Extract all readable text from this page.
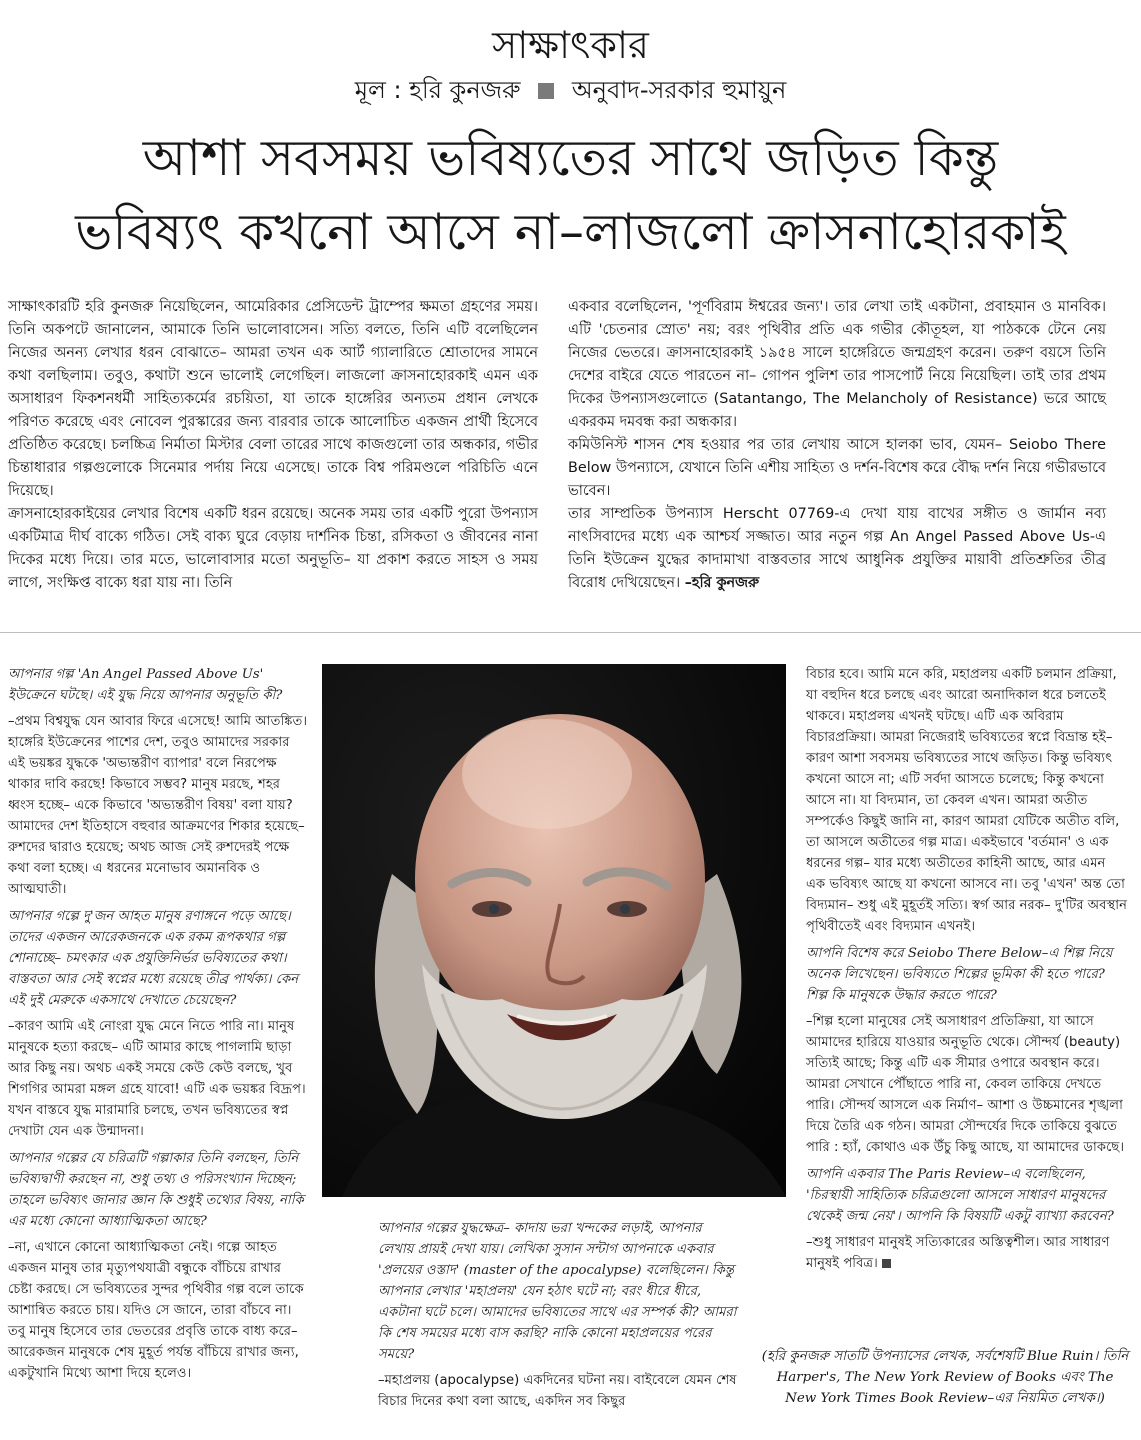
সাক্ষাৎকার
মূল : হরি কুনজরু অনুবাদ-সরকার হুমায়ুন
আশা সবসময় ভবিষ্যতের সাথে জড়িত কিন্তু
ভবিষ্যৎ কখনো আসে না–লাজলো ক্রাসনাহোরকাই

সাক্ষাৎকারটি হরি কুনজরু নিয়েছিলেন, আমেরিকার প্রেসিডেন্ট ট্রাম্পের ক্ষমতা গ্রহণের সময়। তিনি অকপটে জানালেন, আমাকে তিনি ভালোবাসেন। সত্যি বলতে, তিনি এটি বলেছিলেন নিজের অনন্য লেখার ধরন বোঝাতে– আমরা তখন এক আর্ট গ্যালারিতে শ্রোতাদের সামনে কথা বলছিলাম। তবুও, কথাটা শুনে ভালোই লেগেছিল। লাজলো ক্রাসনাহোরকাই এমন এক অসাধারণ ফিকশনধর্মী সাহিত্যকর্মের রচয়িতা, যা তাকে হাঙ্গেরির অন্যতম প্রধান লেখকে পরিণত করেছে এবং নোবেল পুরস্কারের জন্য বারবার তাকে আলোচিত একজন প্রার্থী হিসেবে প্রতিষ্ঠিত করেছে। চলচ্চিত্র নির্মাতা মিস্টার বেলা তারের সাথে কাজগুলো তার অন্ধকার, গভীর চিন্তাধারার গল্পগুলোকে সিনেমার পর্দায় নিয়ে এসেছে। তাকে বিশ্ব পরিমণ্ডলে পরিচিতি এনে দিয়েছে।

ক্রাসনাহোরকাইয়ের লেখার বিশেষ একটি ধরন রয়েছে। অনেক সময় তার একটি পুরো উপন্যাস একটিমাত্র দীর্ঘ বাক্যে গঠিত। সেই বাক্য ঘুরে বেড়ায় দার্শনিক চিন্তা, রসিকতা ও জীবনের নানা দিকের মধ্যে দিয়ে। তার মতে, ভালোবাসার মতো অনুভূতি– যা প্রকাশ করতে সাহস ও সময় লাগে, সংক্ষিপ্ত বাক্যে ধরা যায় না। তিনি

একবার বলেছিলেন, 'পূর্ণবিরাম ঈশ্বরের জন্য'। তার লেখা তাই একটানা, প্রবাহমান ও মানবিক। এটি 'চেতনার স্রোত' নয়; বরং পৃথিবীর প্রতি এক গভীর কৌতূহল, যা পাঠককে টেনে নেয় নিজের ভেতরে। ক্রাসনাহোরকাই ১৯৫৪ সালে হাঙ্গেরিতে জন্মগ্রহণ করেন। তরুণ বয়সে তিনি দেশের বাইরে যেতে পারতেন না– গোপন পুলিশ তার পাসপোর্ট নিয়ে নিয়েছিল। তাই তার প্রথম দিকের উপন্যাসগুলোতে (Satantango, The Melancholy of Resistance) ভরে আছে একরকম দমবন্ধ করা অন্ধকার।

কমিউনিস্ট শাসন শেষ হওয়ার পর তার লেখায় আসে হালকা ভাব, যেমন– Seiobo There Below উপন্যাসে, যেখানে তিনি এশীয় সাহিত্য ও দর্শন-বিশেষ করে বৌদ্ধ দর্শন নিয়ে গভীরভাবে ভাবেন।

তার সাম্প্রতিক উপন্যাস Herscht 07769-এ দেখা যায় বাখের সঙ্গীত ও জার্মান নব্য নাৎসিবাদের মধ্যে এক আশ্চর্য সজ্জাত। আর নতুন গল্প An Angel Passed Above Us-এ তিনি ইউক্রেন যুদ্ধের কাদামাখা বাস্তবতার সাথে আধুনিক প্রযুক্তির মায়াবী প্রতিশ্রুতির তীব্র বিরোধ দেখিয়েছেন। –হরি কুনজরু

আপনার গল্প 'An Angel Passed Above Us' ইউক্রেনে ঘটছে। এই যুদ্ধ নিয়ে আপনার অনুভূতি কী?

–প্রথম বিশ্বযুদ্ধ যেন আবার ফিরে এসেছে! আমি আতঙ্কিত। হাঙ্গেরি ইউক্রেনের পাশের দেশ, তবুও আমাদের সরকার এই ভয়ঙ্কর যুদ্ধকে 'অভ্যন্তরীণ ব্যাপার' বলে নিরপেক্ষ থাকার দাবি করছে! কিভাবে সম্ভব? মানুষ মরছে, শহর ধ্বংস হচ্ছে– একে কিভাবে 'অভ্যন্তরীণ বিষয়' বলা যায়? আমাদের দেশ ইতিহাসে বহুবার আক্রমণের শিকার হয়েছে– রুশদের দ্বারাও হয়েছে; অথচ আজ সেই রুশদেরই পক্ষে কথা বলা হচ্ছে। এ ধরনের মনোভাব অমানবিক ও আত্মঘাতী।

আপনার গল্পে দু'জন আহত মানুষ রণাঙ্গনে পড়ে আছে। তাদের একজন আরেকজনকে এক রকম রূপকথার গল্প শোনাচ্ছে– চমৎকার এক প্রযুক্তিনির্ভর ভবিষ্যতের কথা। বাস্তবতা আর সেই স্বপ্নের মধ্যে রয়েছে তীব্র পার্থক্য। কেন এই দুই মেরুকে একসাথে দেখাতে চেয়েছেন?

–কারণ আমি এই নোংরা যুদ্ধ মেনে নিতে পারি না। মানুষ মানুষকে হত্যা করছে– এটি আমার কাছে পাগলামি ছাড়া আর কিছু নয়। অথচ একই সময়ে কেউ কেউ বলছে, খুব শিগগির আমরা মঙ্গল গ্রহে যাবো! এটি এক ভয়ঙ্কর বিদ্রূপ। যখন বাস্তবে যুদ্ধ মারামারি চলছে, তখন ভবিষ্যতের স্বপ্ন দেখাটা যেন এক উন্মাদনা।

আপনার গল্পের যে চরিত্রটি গল্পাকার তিনি বলছেন, তিনি ভবিষ্যদ্বাণী করছেন না, শুধু তথ্য ও পরিসংখ্যান দিচ্ছেন; তাহলে ভবিষ্যৎ জানার জ্ঞান কি শুধুই তথ্যের বিষয়, নাকি এর মধ্যে কোনো আধ্যাত্মিকতা আছে?

–না, এখানে কোনো আধ্যাত্মিকতা নেই। গল্পে আহত একজন মানুষ তার মৃত্যুপথযাত্রী বন্ধুকে বাঁচিয়ে রাখার চেষ্টা করছে। সে ভবিষ্যতের সুন্দর পৃথিবীর গল্প বলে তাকে আশান্বিত করতে চায়। যদিও সে জানে, তারা বাঁচবে না। তবু মানুষ হিসেবে তার ভেতরের প্রবৃত্তি তাকে বাধ্য করে– আরেকজন মানুষকে শেষ মুহূর্ত পর্যন্ত বাঁচিয়ে রাখার জন্য, একটুখানি মিথ্যে আশা দিয়ে হলেও।

আপনার গল্পের যুদ্ধক্ষেত্র– কাদায় ভরা খন্দকের লড়াই, আপনার লেখায় প্রায়ই দেখা যায়। লেখিকা সুসান সন্টাগ আপনাকে একবার 'প্রলয়ের ওস্তাদ' (master of the apocalypse) বলেছিলেন। কিন্তু আপনার লেখার 'মহাপ্রলয়' যেন হঠাৎ ঘটে না; বরং ধীরে ধীরে, একটানা ঘটে চলে। আমাদের ভবিষ্যতের সাথে এর সম্পর্ক কী? আমরা কি শেষ সময়ের মধ্যে বাস করছি? নাকি কোনো মহাপ্রলয়ের পরের সময়ে?

–মহাপ্রলয় (apocalypse) একদিনের ঘটনা নয়। বাইবেলে যেমন শেষ বিচার দিনের কথা বলা আছে, একদিন সব কিছুর

বিচার হবে। আমি মনে করি, মহাপ্রলয় একটি চলমান প্রক্রিয়া, যা বহুদিন ধরে চলছে এবং আরো অনাদিকাল ধরে চলতেই থাকবে। মহাপ্রলয় এখনই ঘটছে। এটি এক অবিরাম বিচারপ্রক্রিয়া। আমরা নিজেরাই ভবিষ্যতের স্বপ্নে বিভ্রান্ত হই– কারণ আশা সবসময় ভবিষ্যতের সাথে জড়িত। কিন্তু ভবিষ্যৎ কখনো আসে না; এটি সর্বদা আসতে চলেছে; কিন্তু কখনো আসে না। যা বিদ্যমান, তা কেবল এখন। আমরা অতীত সম্পর্কেও কিছুই জানি না, কারণ আমরা যেটিকে অতীত বলি, তা আসলে অতীতের গল্প মাত্র। একইভাবে 'বর্তমান' ও এক ধরনের গল্প– যার মধ্যে অতীতের কাহিনী আছে, আর এমন এক ভবিষ্যৎ আছে যা কখনো আসবে না। তবু 'এখন' অন্ত তো বিদ্যমান– শুধু এই মুহূর্তই সত্যি। স্বর্গ আর নরক– দু'টির অবস্থান পৃথিবীতেই এবং বিদ্যমান এখনই।

আপনি বিশেষ করে Seiobo There Below–এ শিল্প নিয়ে অনেক লিখেছেন। ভবিষ্যতে শিল্পের ভূমিকা কী হতে পারে? শিল্প কি মানুষকে উদ্ধার করতে পারে?

–শিল্প হলো মানুষের সেই অসাধারণ প্রতিক্রিয়া, যা আসে আমাদের হারিয়ে যাওয়ার অনুভূতি থেকে। সৌন্দর্য (beauty) সত্যিই আছে; কিন্তু এটি এক সীমার ওপারে অবস্থান করে। আমরা সেখানে পৌঁছাতে পারি না, কেবল তাকিয়ে দেখতে পারি। সৌন্দর্য আসলে এক নির্মাণ– আশা ও উচ্চমানের শৃঙ্খলা দিয়ে তৈরি এক গঠন। আমরা সৌন্দর্যের দিকে তাকিয়ে বুঝতে পারি : হ্যাঁ, কোথাও এক উঁচু কিছু আছে, যা আমাদের ডাকছে।

আপনি একবার The Paris Review–এ বলেছিলেন, 'চিরস্থায়ী সাহিত্যিক চরিত্রগুলো আসলে সাধারণ মানুষদের থেকেই জন্ম নেয়'। আপনি কি বিষয়টি একটু ব্যাখ্যা করবেন?

–শুধু সাধারণ মানুষই সত্যিকারের অস্তিত্বশীল। আর সাধারণ মানুষই পবিত্র।

(হরি কুনজরু সাতটি উপন্যাসের লেখক, সর্বশেষটি Blue Ruin। তিনি Harper's, The New York Review of Books এবং The New York Times Book Review–এর নিয়মিত লেখক।)
